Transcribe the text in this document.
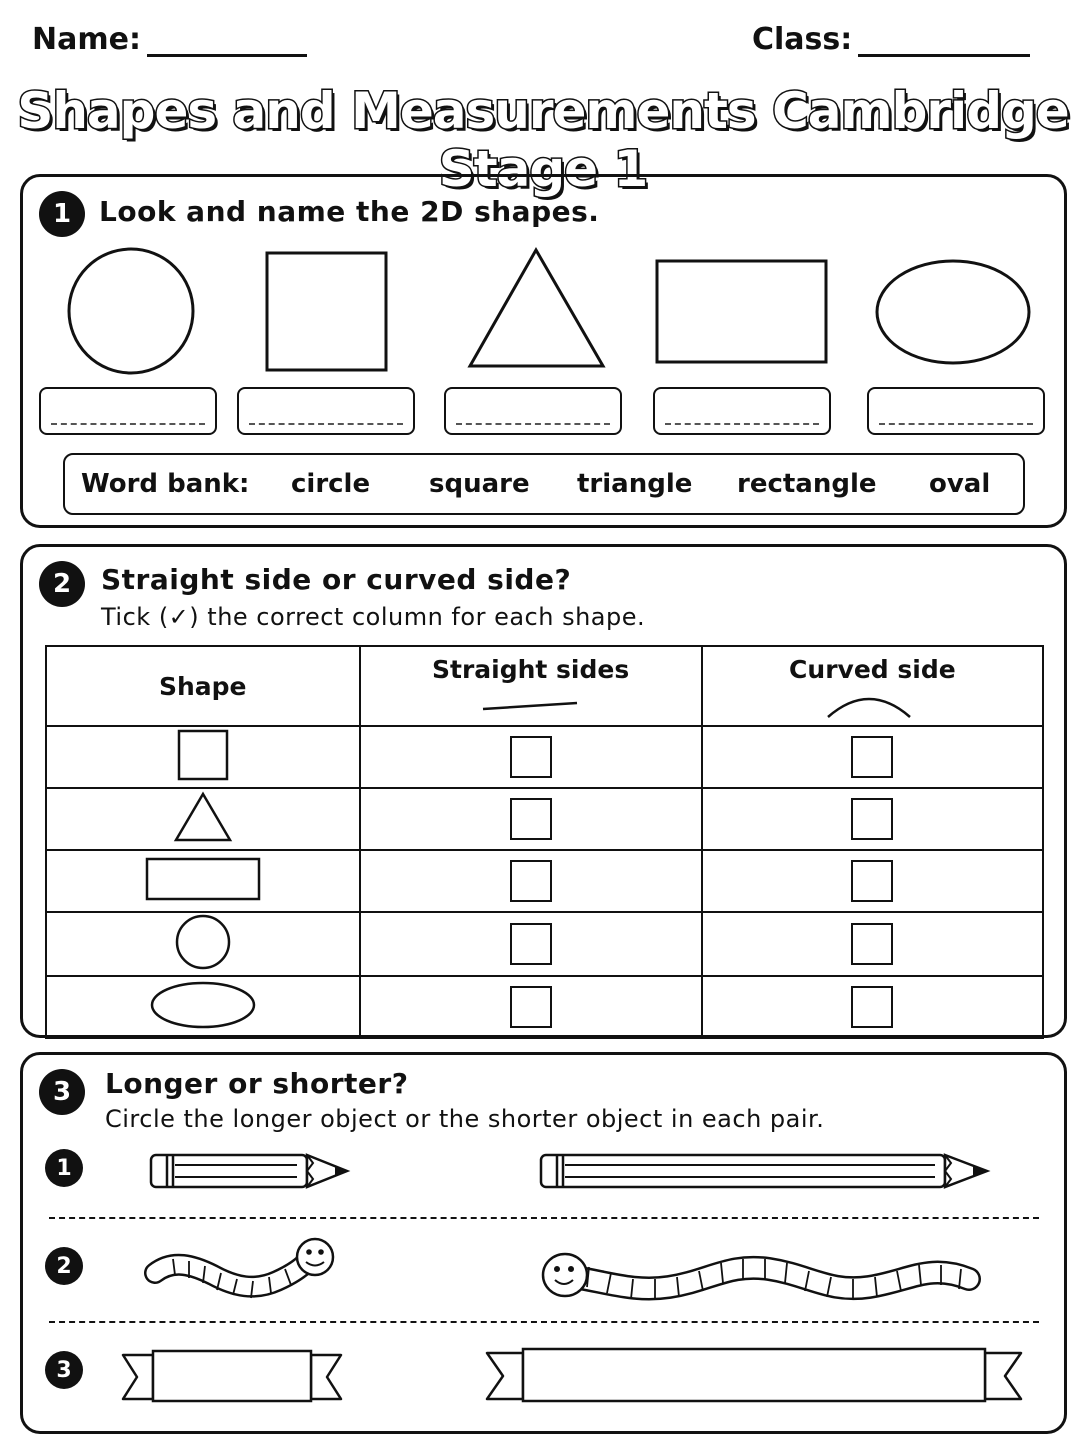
Name:	Class:
Shapes and Measurements Cambridge Stage 1
1 Look and name the 2D shapes.
Word bank: circle square triangle rectangle oval
2	Straight side or curved side?
Tick (✓) the correct column for each shape.
Shape	Straight sides	Curved side

3	Longer or shorter?
Circle the longer object or the shorter object in each pair.
1
2
3
